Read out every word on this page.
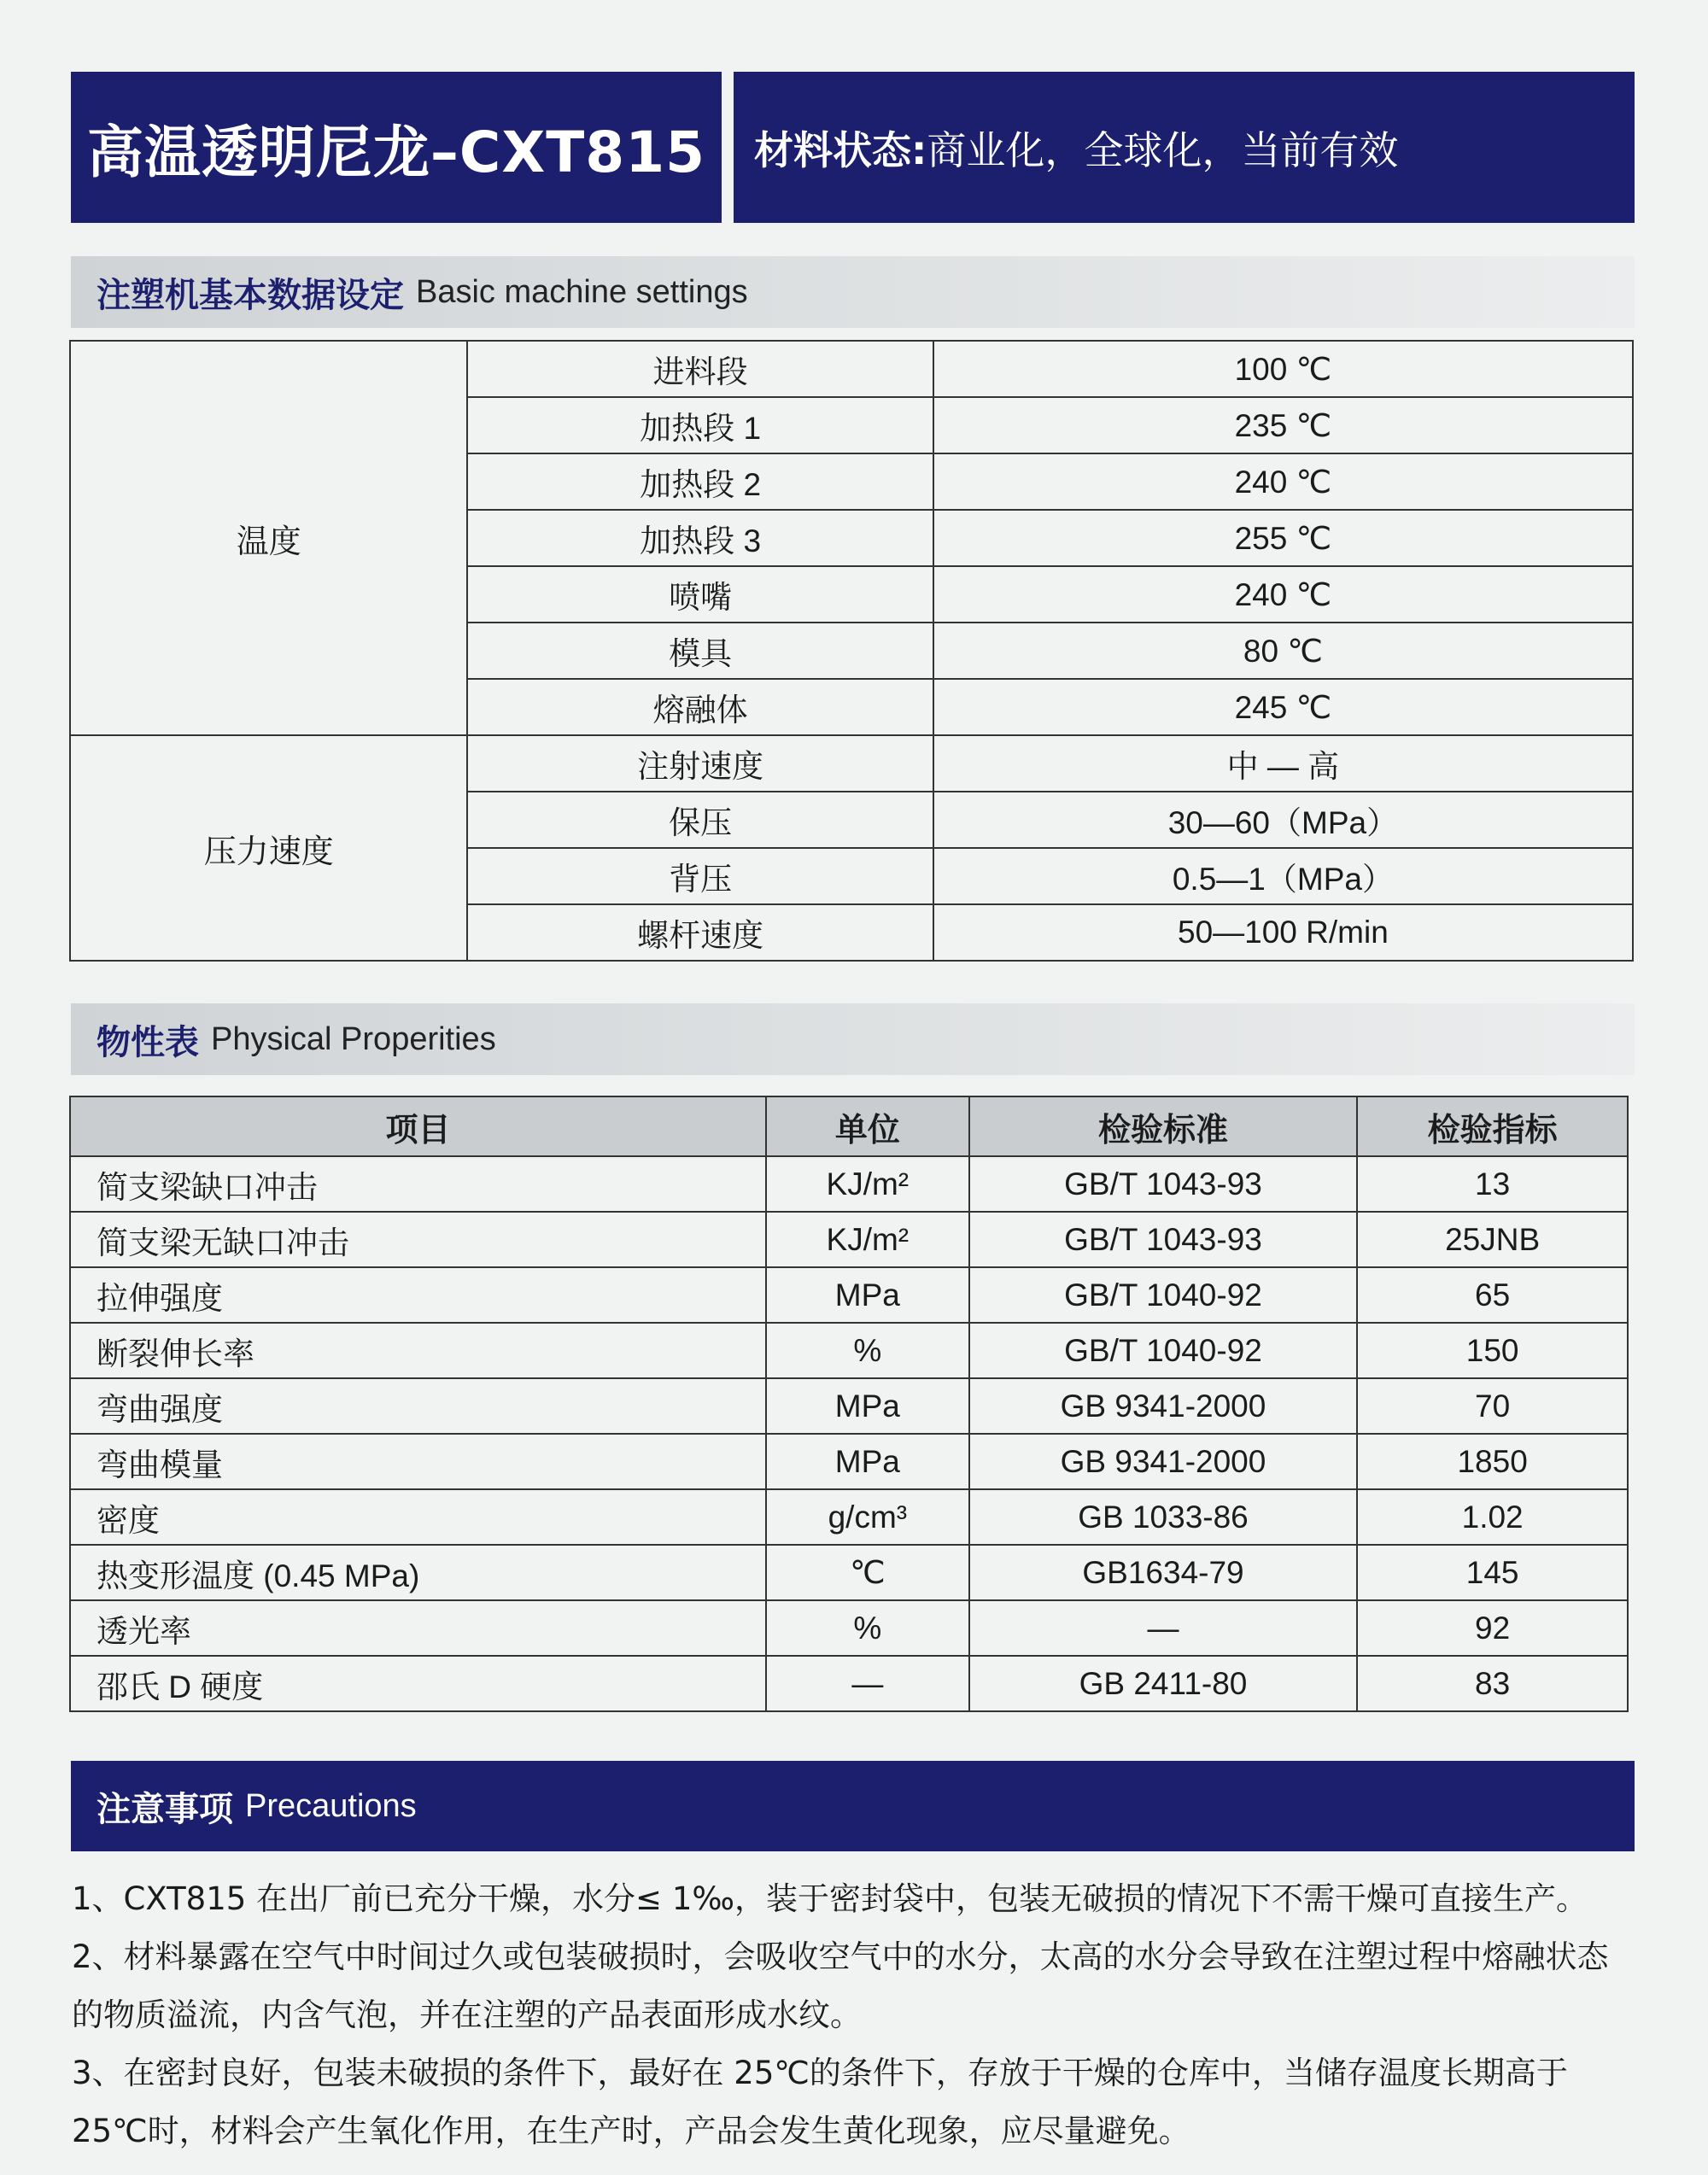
高温透明尼龙–CXT815 材料状态: 商业化，全球化，当前有效
注塑机基本数据设定 Basic machine settings
温度	进料段	100 ℃
	加热段 1	235 ℃
	加热段 2	240 ℃
	加热段 3	255 ℃
	喷嘴	240 ℃
	模具	80 ℃
	熔融体	245 ℃
压力速度	注射速度	中 — 高
	保压	30—60（MPa）
	背压	0.5—1（MPa）
	螺杆速度	50—100 R/min
物性表 Physical Properities
项目	单位	检验标准	检验指标
简支梁缺口冲击	KJ/m²	GB/T 1043-93	13
简支梁无缺口冲击	KJ/m²	GB/T 1043-93	25JNB
拉伸强度	MPa	GB/T 1040-92	65
断裂伸长率	%	GB/T 1040-92	150
弯曲强度	MPa	GB 9341-2000	70
弯曲模量	MPa	GB 9341-2000	1850
密度	g/cm³	GB 1033-86	1.02
热变形温度 (0.45 MPa)	℃	GB1634-79	145
透光率	%	—	92
邵氏 D 硬度	—	GB 2411-80	83
注意事项 Precautions

1、CXT815 在出厂前已充分干燥，水分≤ 1‰，装于密封袋中，包装无破损的情况下不需干燥可直接生产。

2、材料暴露在空气中时间过久或包装破损时，会吸收空气中的水分，太高的水分会导致在注塑过程中熔融状态的物质溢流，内含气泡，并在注塑的产品表面形成水纹。

3、在密封良好，包装未破损的条件下，最好在 25℃的条件下，存放于干燥的仓库中，当储存温度长期高于 25℃时，材料会产生氧化作用，在生产时，产品会发生黄化现象，应尽量避免。
